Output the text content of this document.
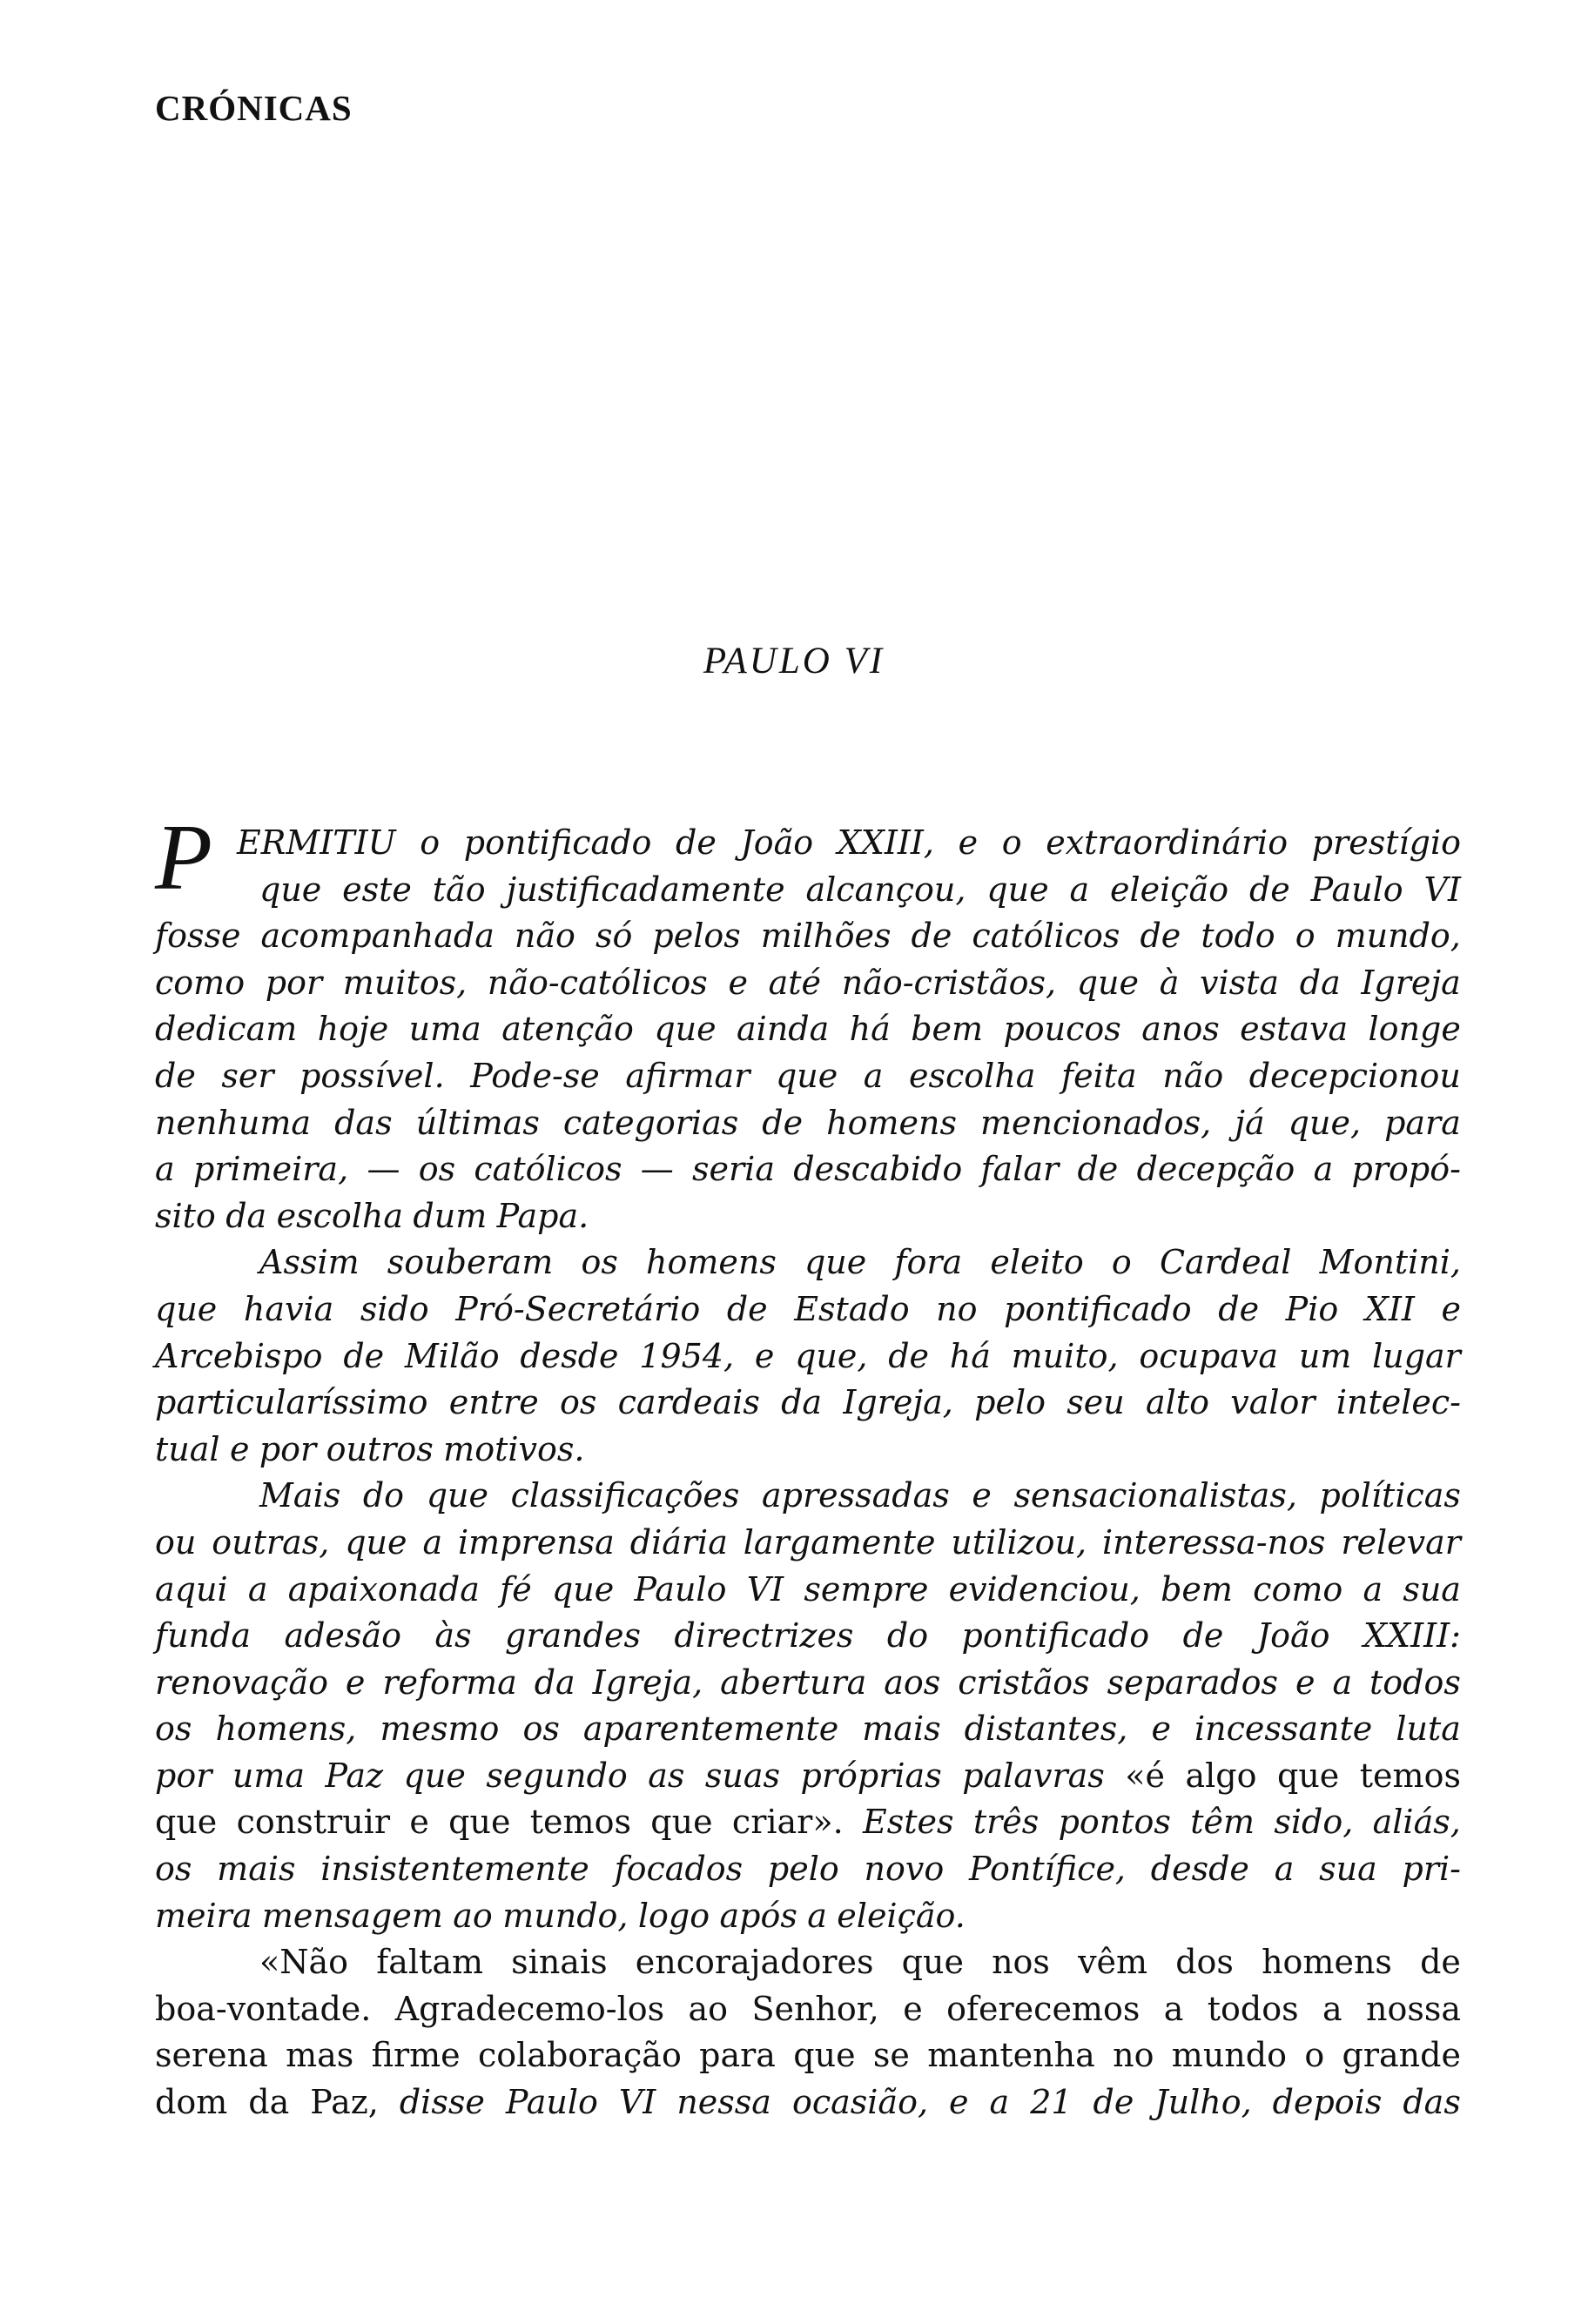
CRÓNICAS
PAULO VI
P ERMITIU o pontificado de João XXIII, e o extraordinário prestígio
que este tão justificadamente alcançou, que a eleição de Paulo VI
fosse acompanhada não só pelos milhões de católicos de todo o mundo,
como por muitos, não-católicos e até não-cristãos, que à vista da Igreja
dedicam hoje uma atenção que ainda há bem poucos anos estava longe
de ser possível. Pode-se afirmar que a escolha feita não decepcionou
nenhuma das últimas categorias de homens mencionados, já que, para
a primeira, — os católicos — seria descabido falar de decepção a propó-
sito da escolha dum Papa.
Assim souberam os homens que fora eleito o Cardeal Montini,
que havia sido Pró-Secretário de Estado no pontificado de Pio XII e
Arcebispo de Milão desde 1954, e que, de há muito, ocupava um lugar
particularíssimo entre os cardeais da Igreja, pelo seu alto valor intelec-
tual e por outros motivos.
Mais do que classificações apressadas e sensacionalistas, políticas
ou outras, que a imprensa diária largamente utilizou, interessa-nos relevar
aqui a apaixonada fé que Paulo VI sempre evidenciou, bem como a sua
funda adesão às grandes directrizes do pontificado de João XXIII:
renovação e reforma da Igreja, abertura aos cristãos separados e a todos
os homens, mesmo os aparentemente mais distantes, e incessante luta
por uma Paz que segundo as suas próprias palavras «é algo que temos
que construir e que temos que criar». Estes três pontos têm sido, aliás,
os mais insistentemente focados pelo novo Pontífice, desde a sua pri-
meira mensagem ao mundo, logo após a eleição.
«Não faltam sinais encorajadores que nos vêm dos homens de
boa-vontade. Agradecemo-los ao Senhor, e oferecemos a todos a nossa
serena mas firme colaboração para que se mantenha no mundo o grande
dom da Paz, disse Paulo VI nessa ocasião, e a 21 de Julho, depois das
